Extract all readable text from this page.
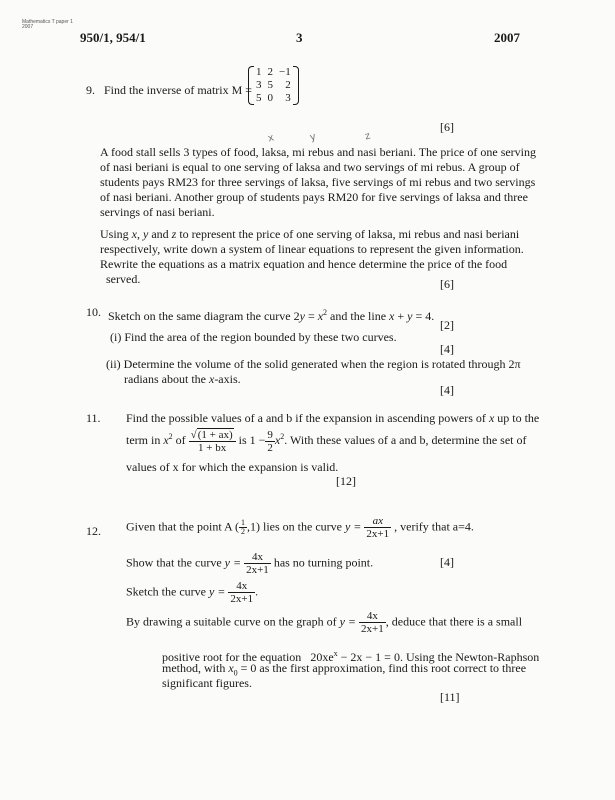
Mathematics T paper 1
2007
950/1, 954/1	3	2007
9. Find the inverse of matrix M =
1	2	−1
3	5	2
5	0	3
[6]
x	y	z
A food stall sells 3 types of food, laksa, mi rebus and nasi beriani. The price of one serving
of nasi beriani is equal to one serving of laksa and two servings of mi rebus. A group of
students pays RM23 for three servings of laksa, five servings of mi rebus and two servings
of nasi beriani. Another group of students pays RM20 for five servings of laksa and three
servings of nasi beriani.
Using x, y and z to represent the price of one serving of laksa, mi rebus and nasi beriani
respectively, write down a system of linear equations to represent the given information.
Rewrite the equations as a matrix equation and hence determine the price of the food
served.	[6]
10. Sketch on the same diagram the curve $2y = x^2$ and the line x + y = 4.
[2]
(i) Find the area of the region bounded by these two curves.
[4]
(ii) Determine the volume of the solid generated when the region is rotated through 2π
radians about the x-axis.
[4]
11. Find the possible values of a and b if the expansion in ascending powers of x up to the
term in $x^2$ of $\frac{√(1 + ax)}{1 + bx}$ is $1 - \frac{9}{2} x^2$. With these values of a and b, determine the set of
values of x for which the expansion is valid.
[12]
12. Given that the point A ( $\frac{1}{2} ,1$) lies on the curve $y = \frac{ax}{2x+1}$ , verify that a=4.
Show that the curve $y = \frac{4x}{2x+1}$ has no turning point.	[4]
Sketch the curve $y = \frac{4x}{2x+1}$ .
By drawing a suitable curve on the graph of $y = \frac{4x}{2x+1}$ , deduce that there is a small
positive root for the equation $20xe^x - 2x - 1 = 0$. Using the Newton-Raphson
method, with $x_0 = 0$ as the first approximation, find this root correct to three
significant figures.
[11]
